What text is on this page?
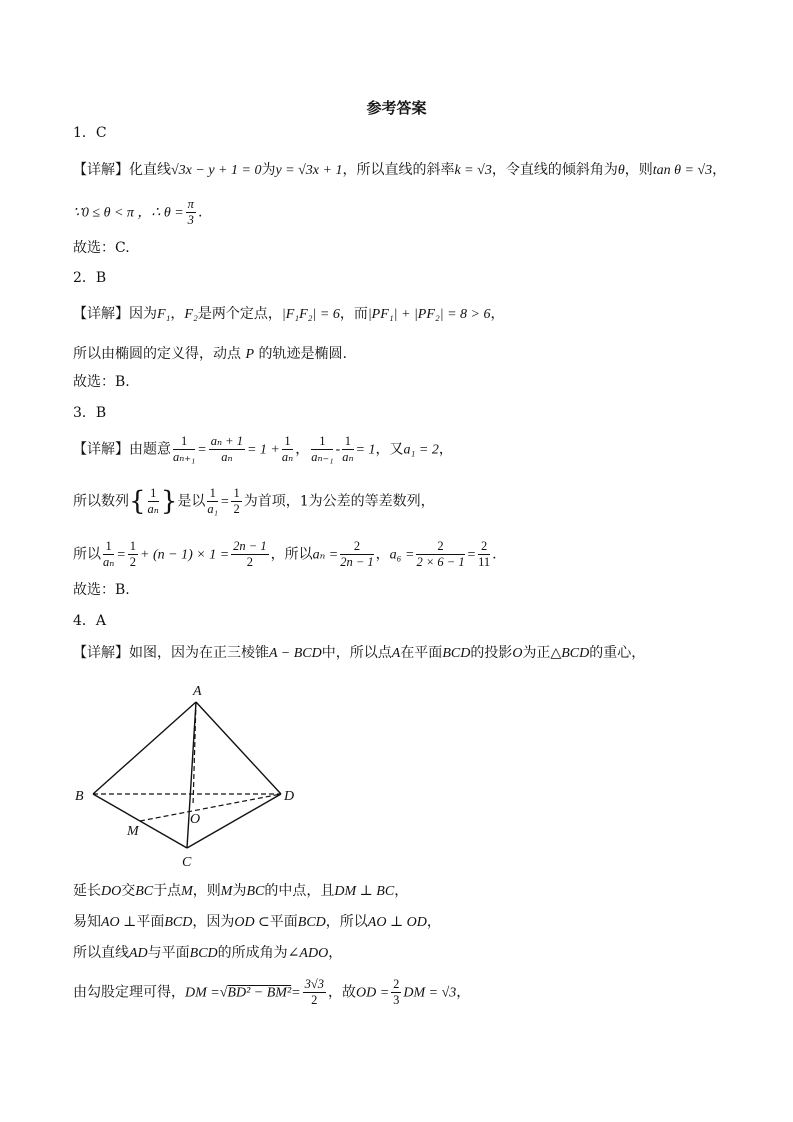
参考答案
1．C
【详解】化直线√3x − y + 1 = 0为y = √3x + 1，所以直线的斜率k = √3，令直线的倾斜角为θ，则tan θ = √3，
∵0 ≤ θ < π ，∴ $\theta = \frac{\pi}{3}$ .
故选：C.
2．B
【详解】因为F₁，F₂是两个定点，|F₁F₂| = 6，而|PF₁| + |PF₂| = 8 > 6，
所以由椭圆的定义得，动点 P 的轨迹是椭圆.
故选：B.
3．B
【详解】由题意 $\frac{1}{\text{aₙ₊₁}} = \frac{\text{aₙ + 1}}{\text{aₙ}} = 1 + \frac{1}{\text{aₙ}}$ ， $\frac{1}{\text{aₙ₋₁}} - \frac{1}{\text{aₙ}} = 1$，又a₁ = 2，
所以数列{ $\frac{1}{\text{aₙ}}$ }是以 $\frac{1}{\text{a₁}} = \frac{1}{2}$ 为首项，1为公差的等差数列，
所以 $\frac{1}{\text{aₙ}} = \frac{1}{2} + (n - 1) \times 1 = \frac{2n - 1}{2}$ ，所以$a_n = \frac{2}{2n - 1}$ ，$a_6 = \frac{2}{2 \times 6 - 1} = \frac{2}{11}$ .
故选：B.
4．A
【详解】如图，因为在正三棱锥A − BCD中，所以点A在平面BCD的投影O为正△BCD的重心，
A
B
C
D
O
M
延长DO交BC于点M，则M为BC的中点，且DM ⊥ BC，
易知AO ⊥平面BCD，因为OD ⊂平面BCD，所以AO ⊥ OD，
所以直线AD与平面BCD的所成角为∠ADO，
由勾股定理可得，DM $=√BD^2 - BM^2= \frac{3√3}{2}$ ，故OD = $\frac{2}{3}$ DM = √3，
